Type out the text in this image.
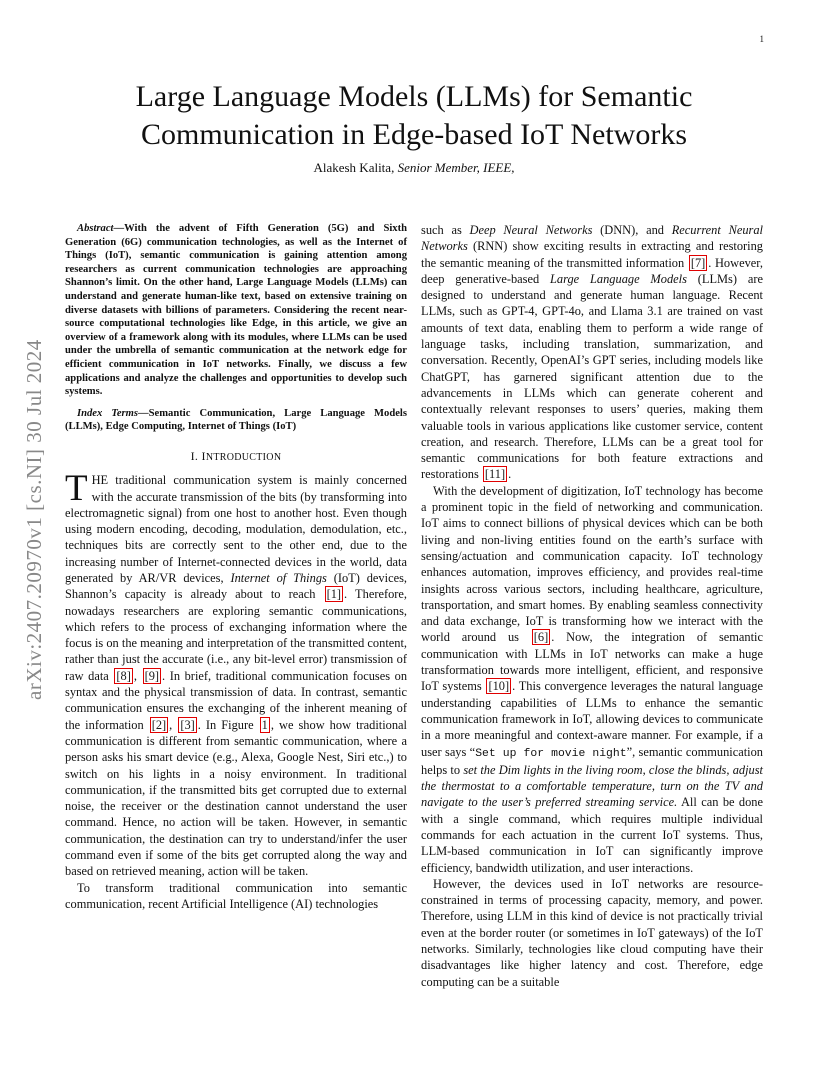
1
arXiv:2407.20970v1 [cs.NI] 30 Jul 2024
Large Language Models (LLMs) for Semantic Communication in Edge-based IoT Networks
Alakesh Kalita, Senior Member, IEEE,

Abstract—With the advent of Fifth Generation (5G) and Sixth Generation (6G) communication technologies, as well as the Internet of Things (IoT), semantic communication is gaining attention among researchers as current communication technologies are approaching Shannon’s limit. On the other hand, Large Language Models (LLMs) can understand and generate human-like text, based on extensive training on diverse datasets with billions of parameters. Considering the recent near-source computational technologies like Edge, in this article, we give an overview of a framework along with its modules, where LLMs can be used under the umbrella of semantic communication at the network edge for efficient communication in IoT networks. Finally, we discuss a few applications and analyze the challenges and opportunities to develop such systems.

Index Terms—Semantic Communication, Large Language Models (LLMs), Edge Computing, Internet of Things (IoT)

I. INTRODUCTION

THE traditional communication system is mainly concerned with the accurate transmission of the bits (by transforming into electromagnetic signal) from one host to another host. Even though using modern encoding, decoding, modulation, demodulation, etc., techniques bits are correctly sent to the other end, due to the increasing number of Internet-connected devices in the world, data generated by AR/VR devices, Internet of Things (IoT) devices, Shannon’s capacity is already about to reach [1] . Therefore, nowadays researchers are exploring semantic communications, which refers to the process of exchanging information where the focus is on the meaning and interpretation of the transmitted content, rather than just the accurate (i.e., any bit-level error) transmission of raw data [8] , [9] . In brief, traditional communication focuses on syntax and the physical transmission of data. In contrast, semantic communication ensures the exchanging of the inherent meaning of the information [2] , [3] . In Figure 1 , we show how traditional communication is different from semantic communication, where a person asks his smart device (e.g., Alexa, Google Nest, Siri etc.,) to switch on his lights in a noisy environment. In traditional communication, if the transmitted bits get corrupted due to external noise, the receiver or the destination cannot understand the user command. Hence, no action will be taken. However, in semantic communication, the destination can try to understand/infer the user command even if some of the bits get corrupted along the way and based on retrieved meaning, action will be taken.

To transform traditional communication into semantic communication, recent Artificial Intelligence (AI) technologies

such as Deep Neural Networks (DNN), and Recurrent Neural Networks (RNN) show exciting results in extracting and restoring the semantic meaning of the transmitted information [7] . However, deep generative-based Large Language Models (LLMs) are designed to understand and generate human language. Recent LLMs, such as GPT-4, GPT-4o, and Llama 3.1 are trained on vast amounts of text data, enabling them to perform a wide range of language tasks, including translation, summarization, and conversation. Recently, OpenAI’s GPT series, including models like ChatGPT, has garnered significant attention due to the advancements in LLMs which can generate coherent and contextually relevant responses to users’ queries, making them valuable tools in various applications like customer service, content creation, and research. Therefore, LLMs can be a great tool for semantic communications for both feature extractions and restorations [11] .

With the development of digitization, IoT technology has become a prominent topic in the field of networking and communication. IoT aims to connect billions of physical devices which can be both living and non-living entities found on the earth’s surface with sensing/actuation and communication capacity. IoT technology enhances automation, improves efficiency, and provides real-time insights across various sectors, including healthcare, agriculture, transportation, and smart homes. By enabling seamless connectivity and data exchange, IoT is transforming how we interact with the world around us [6] . Now, the integration of semantic communication with LLMs in IoT networks can make a huge transformation towards more intelligent, efficient, and responsive IoT systems [10] . This convergence leverages the natural language understanding capabilities of LLMs to enhance the semantic communication framework in IoT, allowing devices to communicate in a more meaningful and context-aware manner. For example, if a user says “Set up for movie night”, semantic communication helps to set the Dim lights in the living room, close the blinds, adjust the thermostat to a comfortable temperature, turn on the TV and navigate to the user’s preferred streaming service. All can be done with a single command, which requires multiple individual commands for each actuation in the current IoT systems. Thus, LLM-based communication in IoT can significantly improve efficiency, bandwidth utilization, and user interactions.

However, the devices used in IoT networks are resource-constrained in terms of processing capacity, memory, and power. Therefore, using LLM in this kind of device is not practically trivial even at the border router (or sometimes in IoT gateways) of the IoT networks. Similarly, technologies like cloud computing have their disadvantages like higher latency and cost. Therefore, edge computing can be a suitable
